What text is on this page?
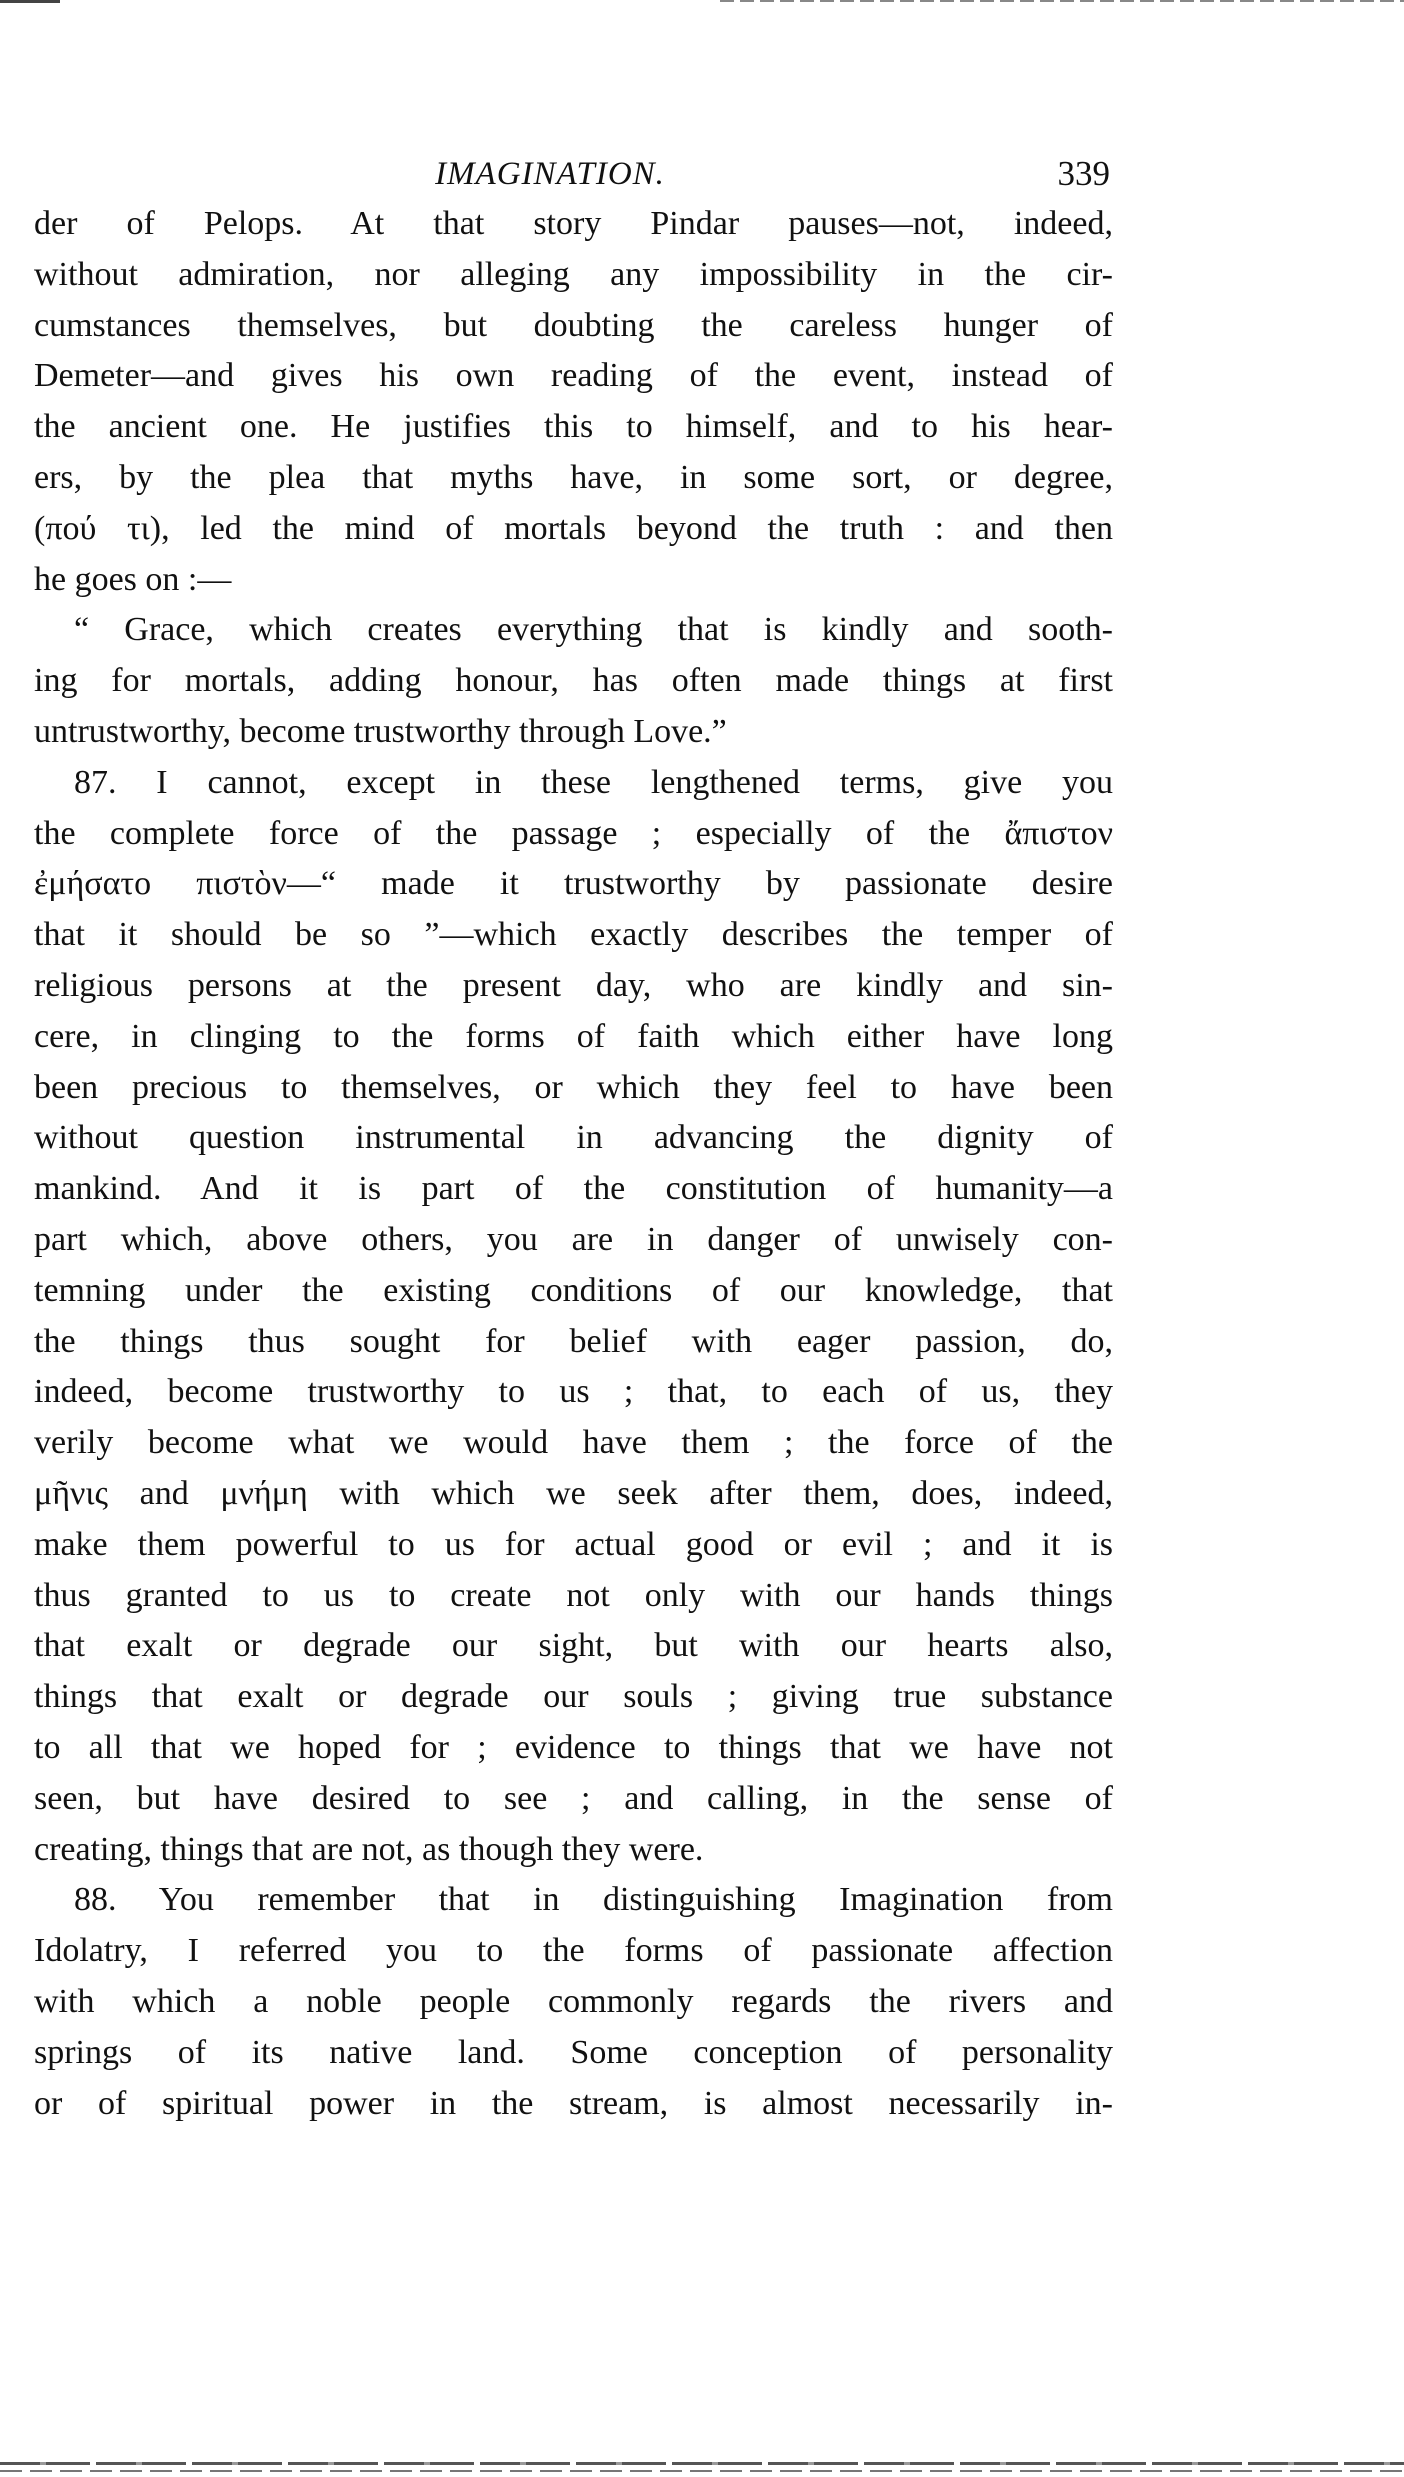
IMAGINATION.	339
der of Pelops. At that story Pindar pauses—not, indeed,
without admiration, nor alleging any impossibility in the cir-
cumstances themselves, but doubting the careless hunger of
Demeter—and gives his own reading of the event, instead of
the ancient one. He justifies this to himself, and to his hear-
ers, by the plea that myths have, in some sort, or degree,
(πού τι), led the mind of mortals beyond the truth : and then
he goes on :—
“ Grace, which creates everything that is kindly and sooth-
ing for mortals, adding honour, has often made things at first
untrustworthy, become trustworthy through Love.”
87. I cannot, except in these lengthened terms, give you
the complete force of the passage ; especially of the ἄπιστον
ἐμήσατο πιστὸν—“ made it trustworthy by passionate desire
that it should be so ”—which exactly describes the temper of
religious persons at the present day, who are kindly and sin-
cere, in clinging to the forms of faith which either have long
been precious to themselves, or which they feel to have been
without question instrumental in advancing the dignity of
mankind. And it is part of the constitution of humanity—a
part which, above others, you are in danger of unwisely con-
temning under the existing conditions of our knowledge, that
the things thus sought for belief with eager passion, do,
indeed, become trustworthy to us ; that, to each of us, they
verily become what we would have them ; the force of the
μῆνις and μνήμη with which we seek after them, does, indeed,
make them powerful to us for actual good or evil ; and it is
thus granted to us to create not only with our hands things
that exalt or degrade our sight, but with our hearts also,
things that exalt or degrade our souls ; giving true substance
to all that we hoped for ; evidence to things that we have not
seen, but have desired to see ; and calling, in the sense of
creating, things that are not, as though they were.
88. You remember that in distinguishing Imagination from
Idolatry, I referred you to the forms of passionate affection
with which a noble people commonly regards the rivers and
springs of its native land. Some conception of personality
or of spiritual power in the stream, is almost necessarily in-
